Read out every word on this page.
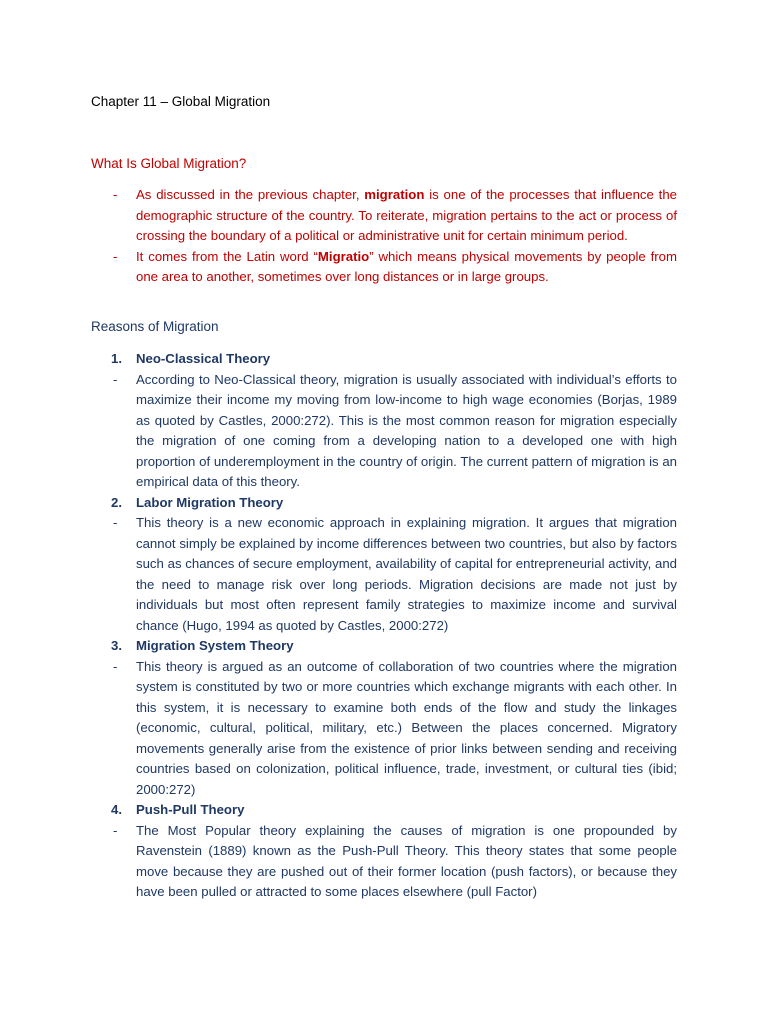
Chapter 11 – Global Migration
What Is Global Migration?
- As discussed in the previous chapter, migration is one of the processes that influence the demographic structure of the country. To reiterate, migration pertains to the act or process of crossing the boundary of a political or administrative unit for certain minimum period.
- It comes from the Latin word “Migratio” which means physical movements by people from one area to another, sometimes over long distances or in large groups.
Reasons of Migration
1. Neo-Classical Theory
- According to Neo-Classical theory, migration is usually associated with individual’s efforts to maximize their income my moving from low-income to high wage economies (Borjas, 1989 as quoted by Castles, 2000:272). This is the most common reason for migration especially the migration of one coming from a developing nation to a developed one with high proportion of underemployment in the country of origin. The current pattern of migration is an empirical data of this theory.
2. Labor Migration Theory
- This theory is a new economic approach in explaining migration. It argues that migration cannot simply be explained by income differences between two countries, but also by factors such as chances of secure employment, availability of capital for entrepreneurial activity, and the need to manage risk over long periods. Migration decisions are made not just by individuals but most often represent family strategies to maximize income and survival chance (Hugo, 1994 as quoted by Castles, 2000:272)
3. Migration System Theory
- This theory is argued as an outcome of collaboration of two countries where the migration system is constituted by two or more countries which exchange migrants with each other. In this system, it is necessary to examine both ends of the flow and study the linkages (economic, cultural, political, military, etc.) Between the places concerned. Migratory movements generally arise from the existence of prior links between sending and receiving countries based on colonization, political influence, trade, investment, or cultural ties (ibid; 2000:272)
4. Push-Pull Theory
- The Most Popular theory explaining the causes of migration is one propounded by Ravenstein (1889) known as the Push-Pull Theory. This theory states that some people move because they are pushed out of their former location (push factors), or because they have been pulled or attracted to some places elsewhere (pull Factor)
